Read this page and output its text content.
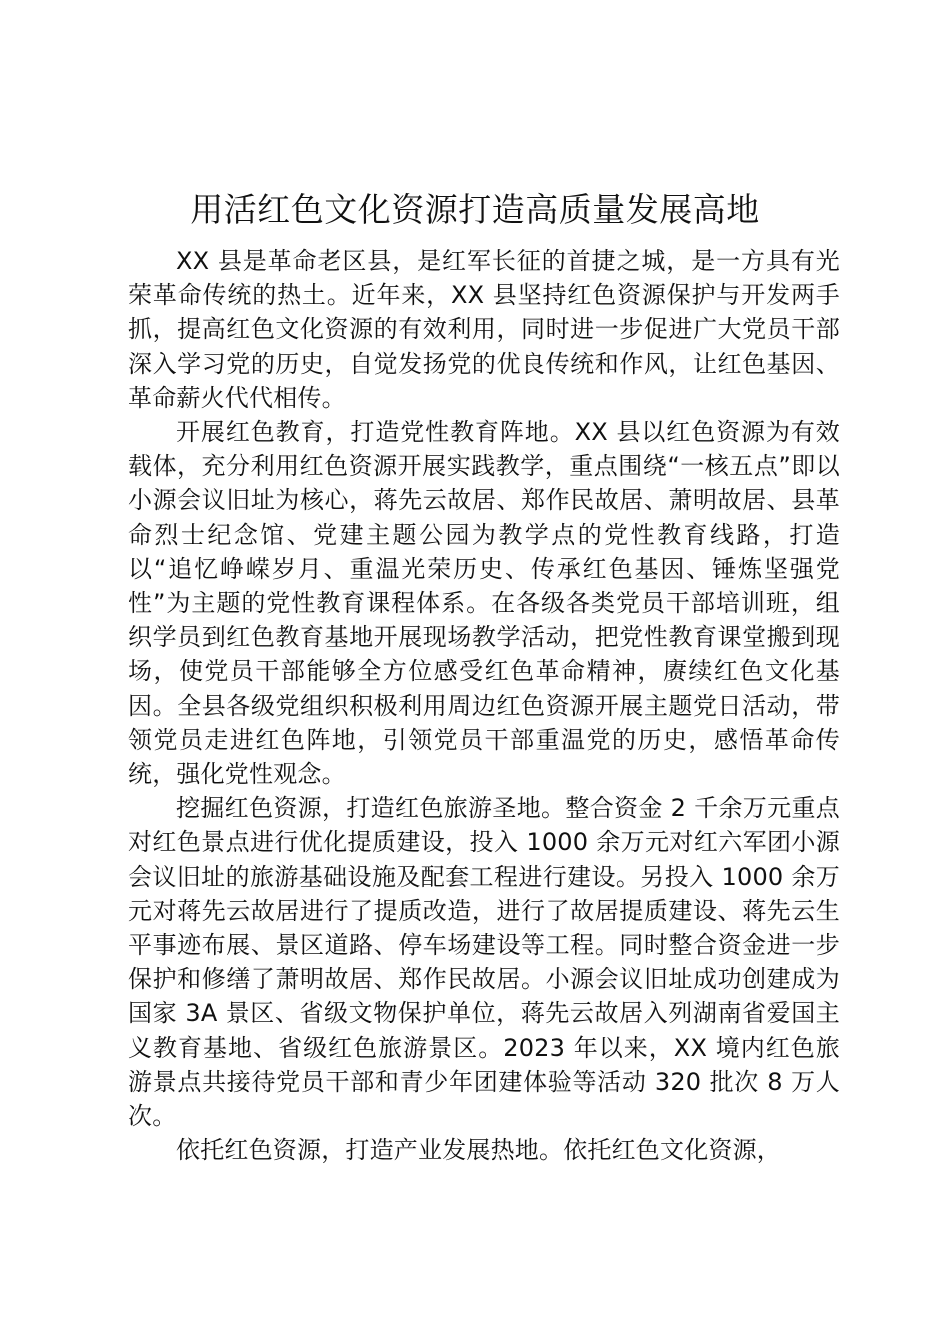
用活红色文化资源打造高质量发展高地

XX 县是革命老区县，是红军长征的首捷之城，是一方具有光荣革命传统的热土。近年来，XX 县坚持红色资源保护与开发两手抓，提高红色文化资源的有效利用，同时进一步促进广大党员干部深入学习党的历史，自觉发扬党的优良传统和作风，让红色基因、革命薪火代代相传。

开展红色教育，打造党性教育阵地。XX 县以红色资源为有效载体，充分利用红色资源开展实践教学，重点围绕“一核五点”即以小源会议旧址为核心，蒋先云故居、郑作民故居、萧明故居、县革命烈士纪念馆、党建主题公园为教学点的党性教育线路，打造以“追忆峥嵘岁月、重温光荣历史、传承红色基因、锤炼坚强党性”为主题的党性教育课程体系。在各级各类党员干部培训班，组织学员到红色教育基地开展现场教学活动，把党性教育课堂搬到现场，使党员干部能够全方位感受红色革命精神，赓续红色文化基因。全县各级党组织积极利用周边红色资源开展主题党日活动，带领党员走进红色阵地，引领党员干部重温党的历史，感悟革命传统，强化党性观念。

挖掘红色资源，打造红色旅游圣地。整合资金 2 千余万元重点对红色景点进行优化提质建设，投入 1000 余万元对红六军团小源会议旧址的旅游基础设施及配套工程进行建设。另投入 1000 余万元对蒋先云故居进行了提质改造，进行了故居提质建设、蒋先云生平事迹布展、景区道路、停车场建设等工程。同时整合资金进一步保护和修缮了萧明故居、郑作民故居。小源会议旧址成功创建成为国家 3A 景区、省级文物保护单位，蒋先云故居入列湖南省爱国主义教育基地、省级红色旅游景区。2023 年以来，XX 境内红色旅游景点共接待党员干部和青少年团建体验等活动 320 批次 8 万人次。

依托红色资源，打造产业发展热地。依托红色文化资源，
